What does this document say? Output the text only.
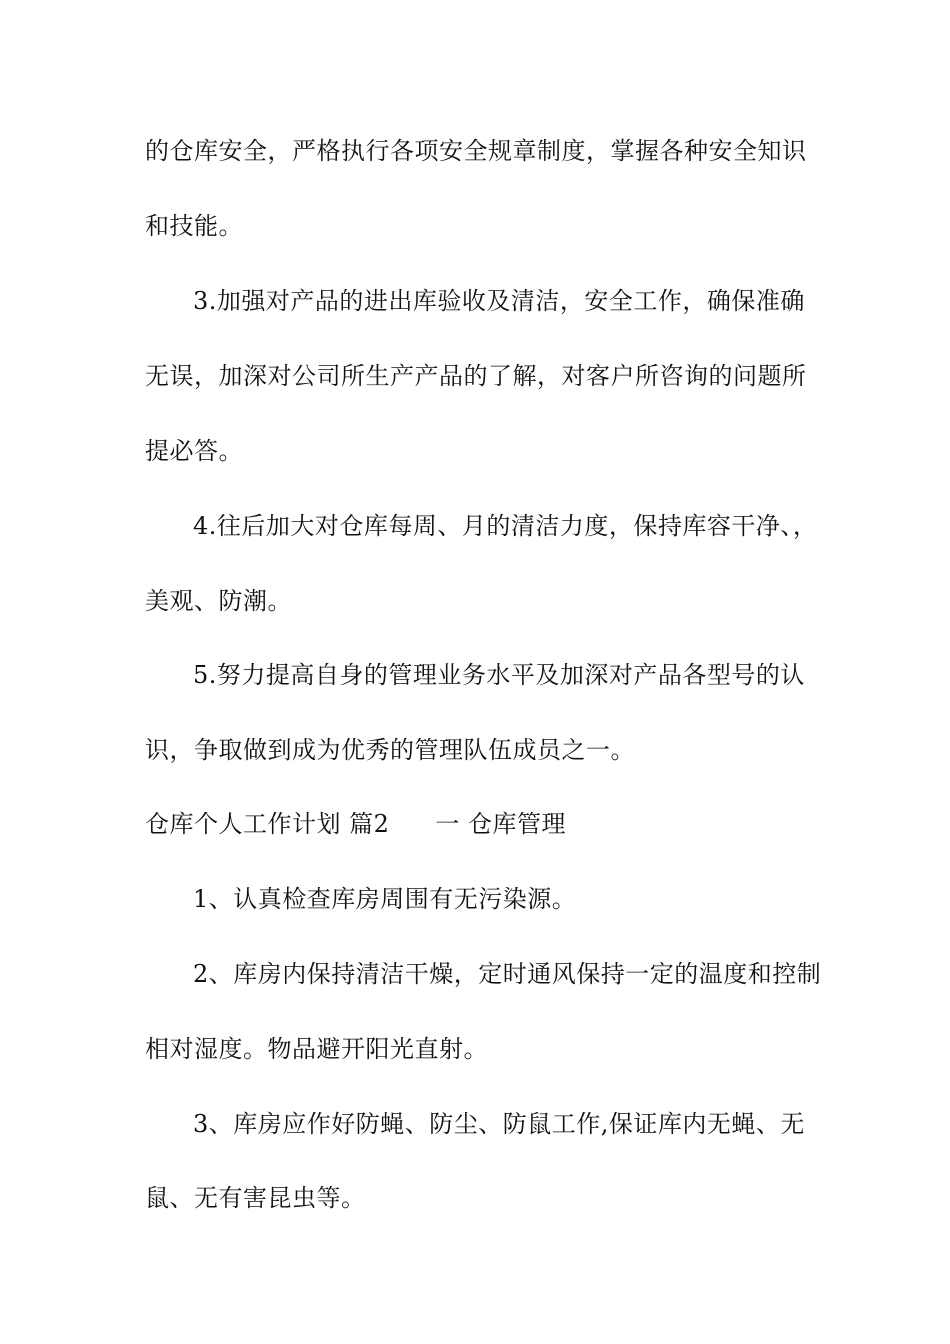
的仓库安全，严格执行各项安全规章制度，掌握各种安全知识
和技能。
3.加强对产品的进出库验收及清洁，安全工作，确保准确
无误，加深对公司所生产产品的了解，对客户所咨询的问题所
提必答。
4.往后加大对仓库每周、月的清洁力度，保持库容干净、，
美观、防潮。
5.努力提高自身的管理业务水平及加深对产品各型号的认
识，争取做到成为优秀的管理队伍成员之一。
仓库个人工作计划 篇2 一 仓库管理
1、认真检查库房周围有无污染源。
2、库房内保持清洁干燥，定时通风保持一定的温度和控制
相对湿度。物品避开阳光直射。
3、库房应作好防蝇、防尘、防鼠工作,保证库内无蝇、无
鼠、无有害昆虫等。
